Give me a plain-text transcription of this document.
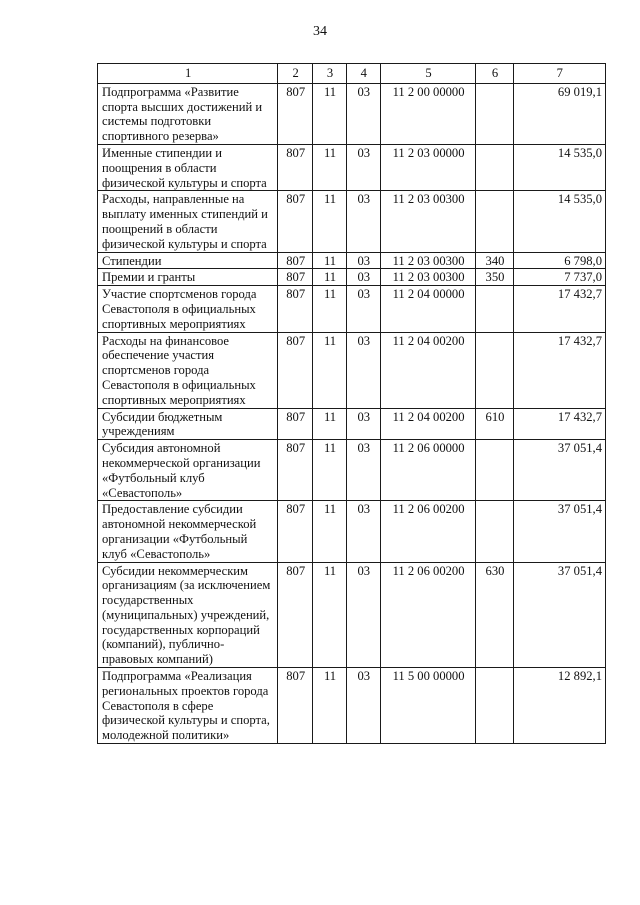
34
1	2	3	4	5	6	7
Подпрограмма «Развитие спорта высших достижений и системы подготовки спортивного резерва»	807	11	03	11 2 00 00000		69 019,1
Именные стипендии и поощрения в области физической культуры и спорта	807	11	03	11 2 03 00000		14 535,0
Расходы, направленные на выплату именных стипендий и поощрений в области физической культуры и спорта	807	11	03	11 2 03 00300		14 535,0
Стипендии	807	11	03	11 2 03 00300	340	6 798,0
Премии и гранты	807	11	03	11 2 03 00300	350	7 737,0
Участие спортсменов города Севастополя в официальных спортивных мероприятиях	807	11	03	11 2 04 00000		17 432,7
Расходы на финансовое обеспечение участия спортсменов города Севастополя в официальных спортивных мероприятиях	807	11	03	11 2 04 00200		17 432,7
Субсидии бюджетным учреждениям	807	11	03	11 2 04 00200	610	17 432,7
Субсидия автономной некоммерческой организации «Футбольный клуб «Севастополь»	807	11	03	11 2 06 00000		37 051,4
Предоставление субсидии автономной некоммерческой организации «Футбольный клуб «Севастополь»	807	11	03	11 2 06 00200		37 051,4
Субсидии некоммерческим организациям (за исключением государственных (муниципальных) учреждений, государственных корпораций (компаний), публично-правовых компаний)	807	11	03	11 2 06 00200	630	37 051,4
Подпрограмма «Реализация региональных проектов города Севастополя в сфере физической культуры и спорта, молодежной политики»	807	11	03	11 5 00 00000		12 892,1
